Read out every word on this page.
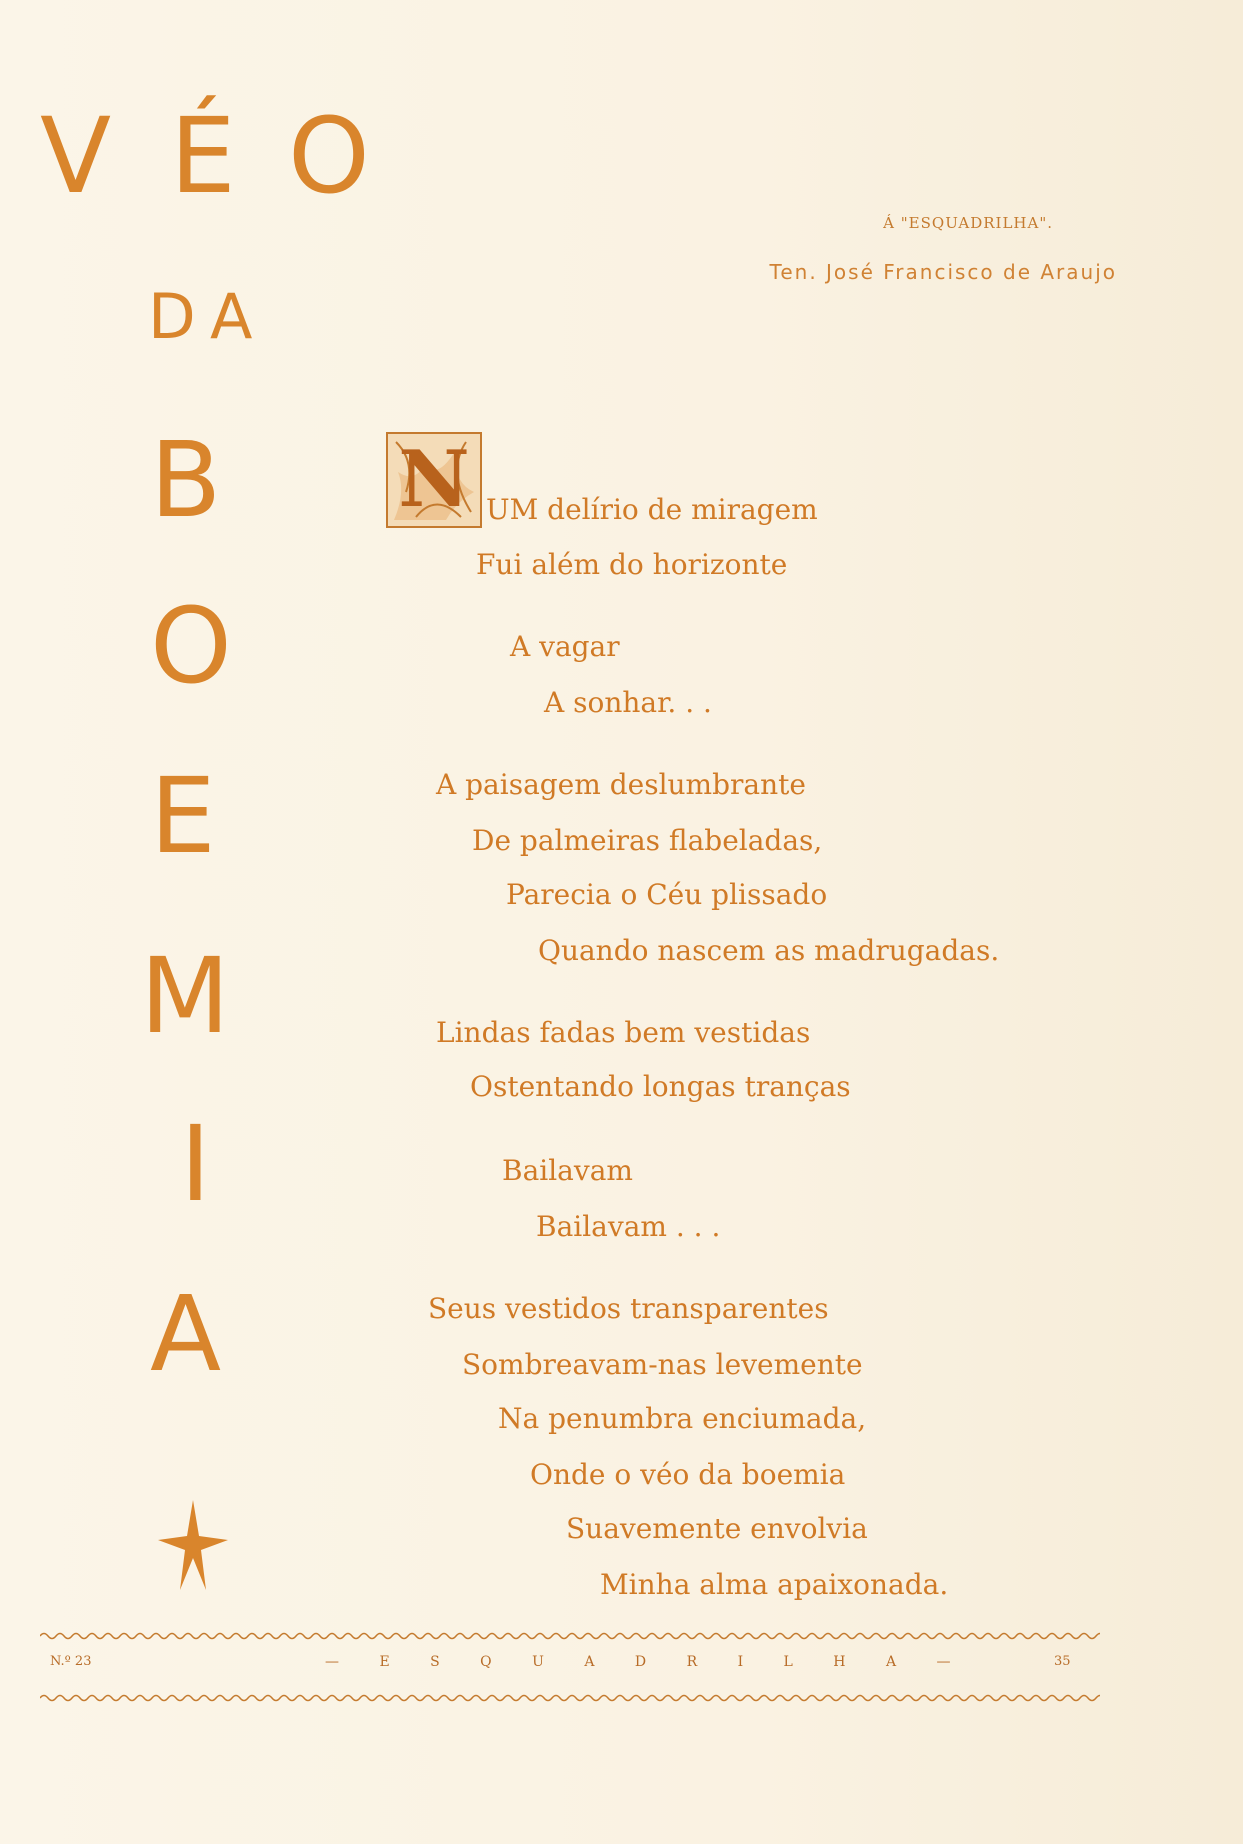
V É O
D A
B
O
E
M
I
A
Á "ESQUADRILHA".
Ten. José Francisco de Araujo
N UM delírio de miragem
Fui além do horizonte
A vagar
A sonhar. . .
A paisagem deslumbrante
De palmeiras flabeladas,
Parecia o Céu plissado
Quando nascem as madrugadas.
Lindas fadas bem vestidas
Ostentando longas tranças
Bailavam
Bailavam . . .
Seus vestidos transparentes
Sombreavam-nas levemente
Na penumbra enciumada,
Onde o véo da boemia
Suavemente envolvia
Minha alma apaixonada.
N.º 23	— E S Q U A D R I L H A —	35
